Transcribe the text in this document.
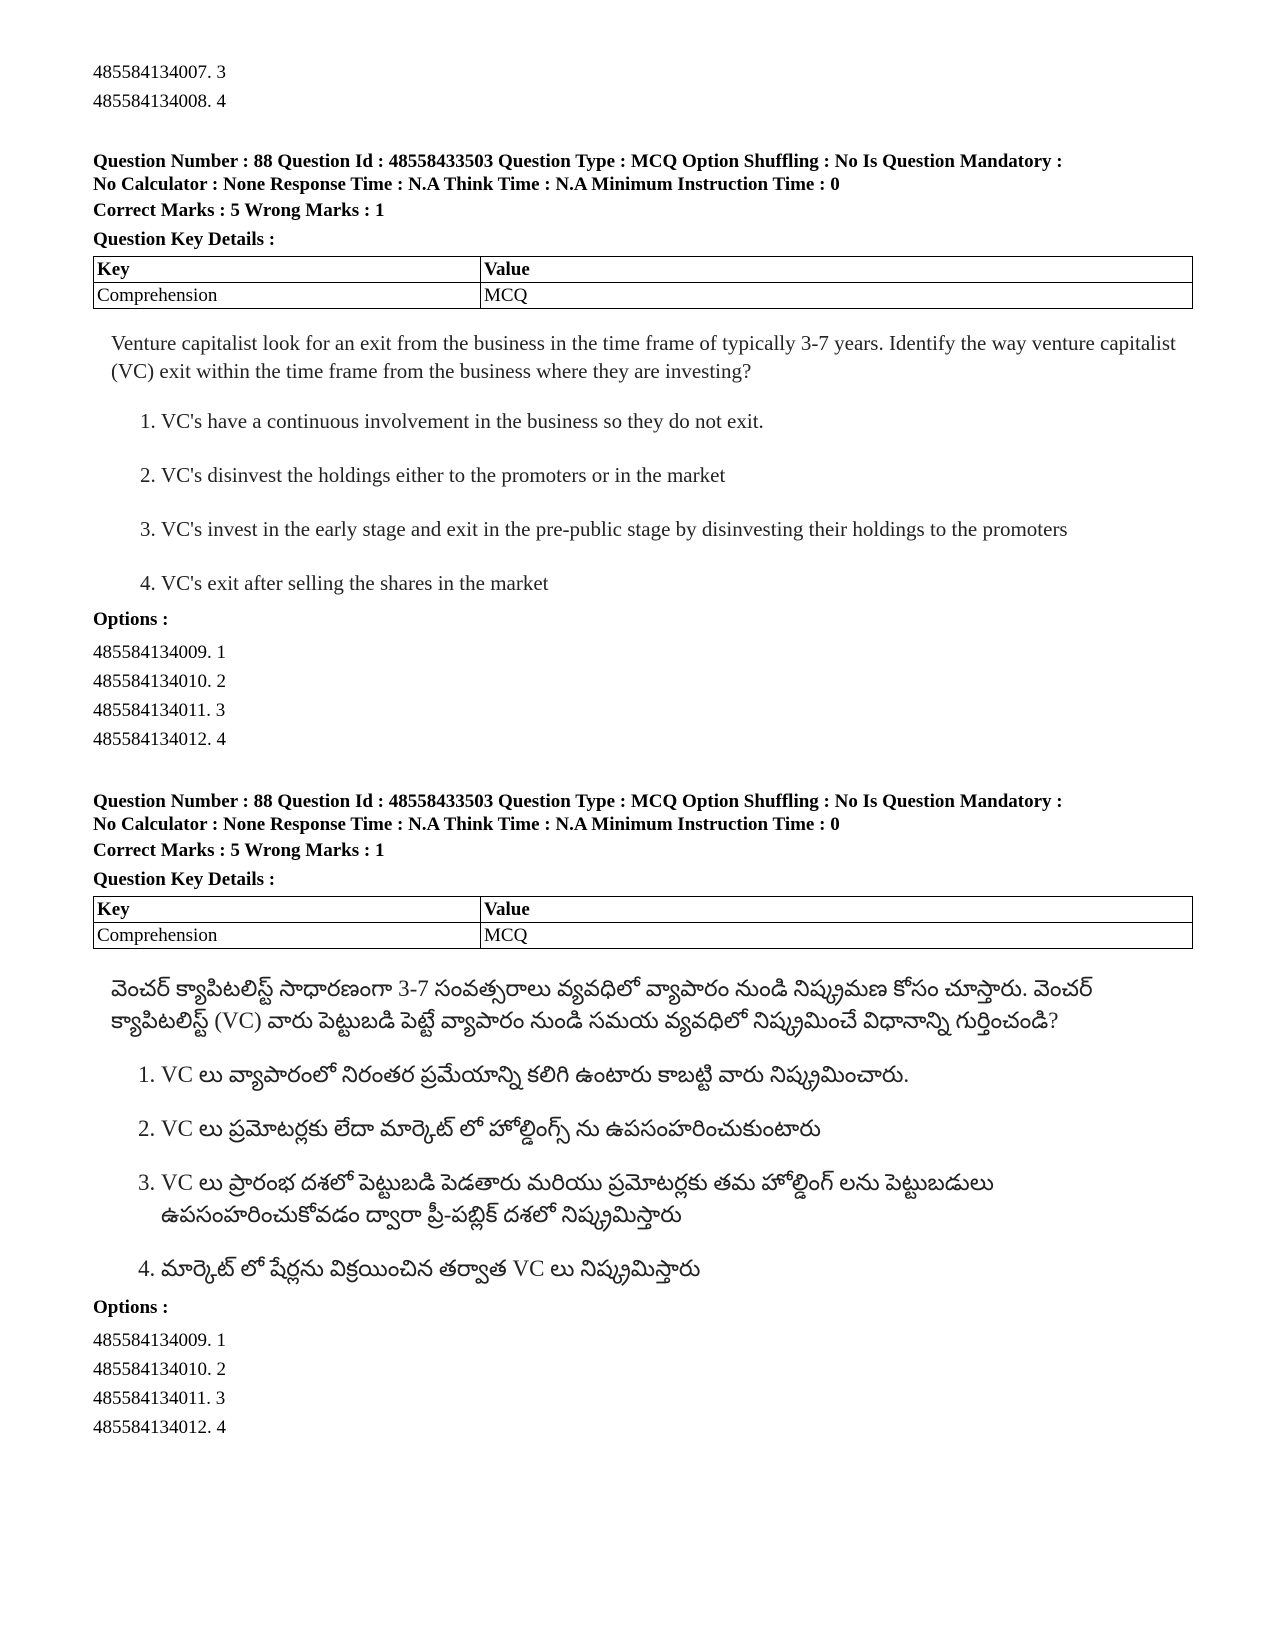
485584134007. 3
485584134008. 4
Question Number : 88 Question Id : 48558433503 Question Type : MCQ Option Shuffling : No Is Question Mandatory :
No Calculator : None Response Time : N.A Think Time : N.A Minimum Instruction Time : 0
Correct Marks : 5 Wrong Marks : 1
Question Key Details :
Key	Value
Comprehension	MCQ
Venture capitalist look for an exit from the business in the time frame of typically 3-7 years. Identify the way venture capitalist (VC) exit within the time frame from the business where they are investing?
1. VC's have a continuous involvement in the business so they do not exit.
2. VC's disinvest the holdings either to the promoters or in the market
3. VC's invest in the early stage and exit in the pre-public stage by disinvesting their holdings to the promoters
4. VC's exit after selling the shares in the market
Options :
485584134009. 1
485584134010. 2
485584134011. 3
485584134012. 4
Question Number : 88 Question Id : 48558433503 Question Type : MCQ Option Shuffling : No Is Question Mandatory :
No Calculator : None Response Time : N.A Think Time : N.A Minimum Instruction Time : 0
Correct Marks : 5 Wrong Marks : 1
Question Key Details :
Key	Value
Comprehension	MCQ
వెంచర్ క్యాపిటలిస్ట్ సాధారణంగా 3-7 సంవత్సరాలు వ్యవధిలో వ్యాపారం నుండి నిష్క్రమణ కోసం చూస్తారు. వెంచర్ క్యాపిటలిస్ట్ (VC) వారు పెట్టుబడి పెట్టే వ్యాపారం నుండి సమయ వ్యవధిలో నిష్క్రమించే విధానాన్ని గుర్తించండి?
1. VC లు వ్యాపారంలో నిరంతర ప్రమేయాన్ని కలిగి ఉంటారు కాబట్టి వారు నిష్క్రమించారు.
2. VC లు ప్రమోటర్లకు లేదా మార్కెట్ లో హోల్డింగ్స్ ను ఉపసంహరించుకుంటారు
3. VC లు ప్రారంభ దశలో పెట్టుబడి పెడతారు మరియు ప్రమోటర్లకు తమ హోల్డింగ్ లను పెట్టుబడులు ఉపసంహరించుకోవడం ద్వారా ప్రీ-పబ్లిక్ దశలో నిష్క్రమిస్తారు
4. మార్కెట్ లో షేర్లను విక్రయించిన తర్వాత VC లు నిష్క్రమిస్తారు
Options :
485584134009. 1
485584134010. 2
485584134011. 3
485584134012. 4
